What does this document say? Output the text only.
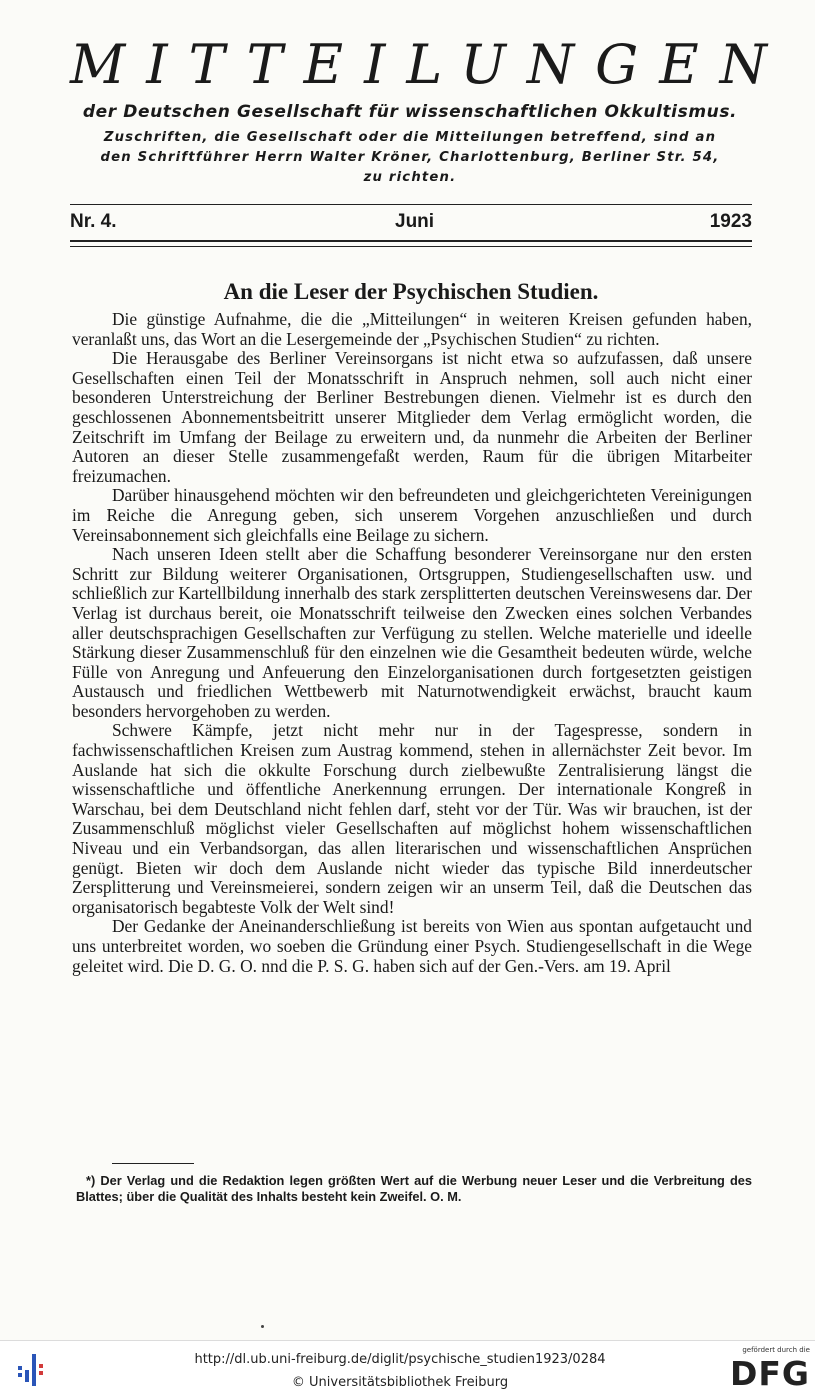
MITTEILUNGEN
der Deutschen Gesellschaft für wissenschaftlichen Okkultismus.
Zuschriften, die Gesellschaft oder die Mitteilungen betreffend, sind an
den Schriftführer Herrn Walter Kröner, Charlottenburg, Berliner Str. 54,
zu richten.
Nr. 4.	Juni	1923
An die Leser der Psychischen Studien.

Die günstige Aufnahme, die die „Mitteilungen“ in weiteren Kreisen gefunden haben, veranlaßt uns, das Wort an die Lesergemeinde der „Psychischen Studien“ zu richten.

Die Herausgabe des Berliner Vereinsorgans ist nicht etwa so aufzufassen, daß unsere Gesellschaften einen Teil der Monatsschrift in Anspruch nehmen, soll auch nicht einer besonderen Unterstreichung der Berliner Bestrebungen dienen. Vielmehr ist es durch den geschlossenen Abonnementsbeitritt unserer Mitglieder dem Verlag ermöglicht worden, die Zeitschrift im Umfang der Beilage zu erweitern und, da nunmehr die Arbeiten der Berliner Autoren an dieser Stelle zusammengefaßt werden, Raum für die übrigen Mitarbeiter freizumachen.

Darüber hinausgehend möchten wir den befreundeten und gleichgerichteten Vereinigungen im Reiche die Anregung geben, sich unserem Vorgehen anzuschließen und durch Vereinsabonnement sich gleichfalls eine Beilage zu sichern.

Nach unseren Ideen stellt aber die Schaffung besonderer Vereinsorgane nur den ersten Schritt zur Bildung weiterer Organisationen, Ortsgruppen, Studiengesellschaften usw. und schließlich zur Kartellbildung innerhalb des stark zersplitterten deutschen Vereinswesens dar. Der Verlag ist durchaus bereit, oie Monatsschrift teilweise den Zwecken eines solchen Verbandes aller deutschsprachigen Gesellschaften zur Verfügung zu stellen. Welche materielle und ideelle Stärkung dieser Zusammenschluß für den einzelnen wie die Gesamtheit bedeuten würde, welche Fülle von Anregung und Anfeuerung den Einzelorganisationen durch fortgesetzten geistigen Austausch und friedlichen Wettbewerb mit Naturnotwendigkeit erwächst, braucht kaum besonders hervorgehoben zu werden.

Schwere Kämpfe, jetzt nicht mehr nur in der Tagespresse, sondern in fachwissenschaftlichen Kreisen zum Austrag kommend, stehen in allernächster Zeit bevor. Im Auslande hat sich die okkulte Forschung durch zielbewußte Zentralisierung längst die wissenschaftliche und öffentliche Anerkennung errungen. Der internationale Kongreß in Warschau, bei dem Deutschland nicht fehlen darf, steht vor der Tür. Was wir brauchen, ist der Zusammenschluß möglichst vieler Gesellschaften auf möglichst hohem wissenschaftlichen Niveau und ein Verbandsorgan, das allen literarischen und wissenschaftlichen Ansprüchen genügt. Bieten wir doch dem Auslande nicht wieder das typische Bild innerdeutscher Zersplitterung und Vereinsmeierei, sondern zeigen wir an unserm Teil, daß die Deutschen das organisatorisch begabteste Volk der Welt sind!

Der Gedanke der Aneinanderschließung ist bereits von Wien aus spontan aufgetaucht und uns unterbreitet worden, wo soeben die Gründung einer Psych. Studiengesellschaft in die Wege geleitet wird. Die D. G. O. nnd die P. S. G. haben sich auf der Gen.-Vers. am 19. April

*) Der Verlag und die Redaktion legen größten Wert auf die Werbung neuer Leser und die Verbreitung des Blattes; über die Qualität des Inhalts besteht kein Zweifel. O. M.

http://dl.ub.uni-freiburg.de/diglit/psychische_studien1923/0284
© Universitätsbibliothek Freiburg
gefördert durch die
DFG
